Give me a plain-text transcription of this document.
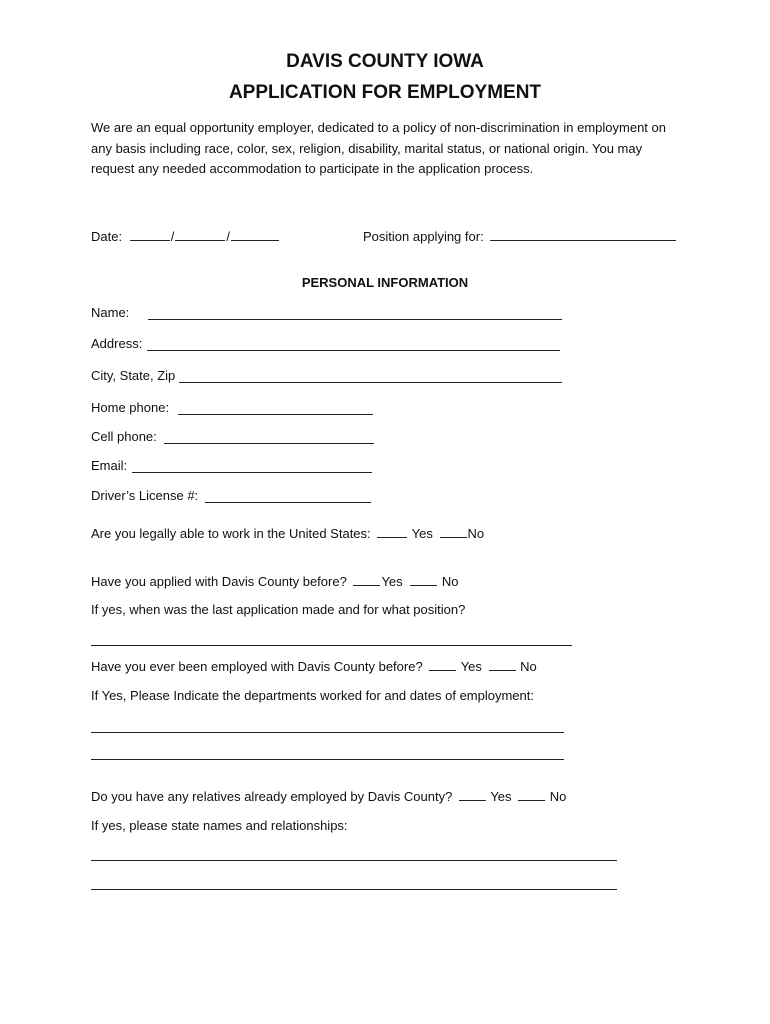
DAVIS COUNTY IOWA
APPLICATION FOR EMPLOYMENT
We are an equal opportunity employer, dedicated to a policy of non-discrimination in employment on any basis including race, color, sex, religion, disability, marital status, or national origin. You may request any needed accommodation to participate in the application process.
Date:	/	/	Position applying for:
PERSONAL INFORMATION
Name:
Address:
City, State, Zip
Home phone:
Cell phone:
Email:
Driver’s License #:
Are you legally able to work in the United States:	Yes	No
Have you applied with Davis County before?	Yes	No
If yes, when was the last application made and for what position?
Have you ever been employed with Davis County before?	Yes	No
If Yes, Please Indicate the departments worked for and dates of employment:
Do you have any relatives already employed by Davis County?	Yes	No
If yes, please state names and relationships:
